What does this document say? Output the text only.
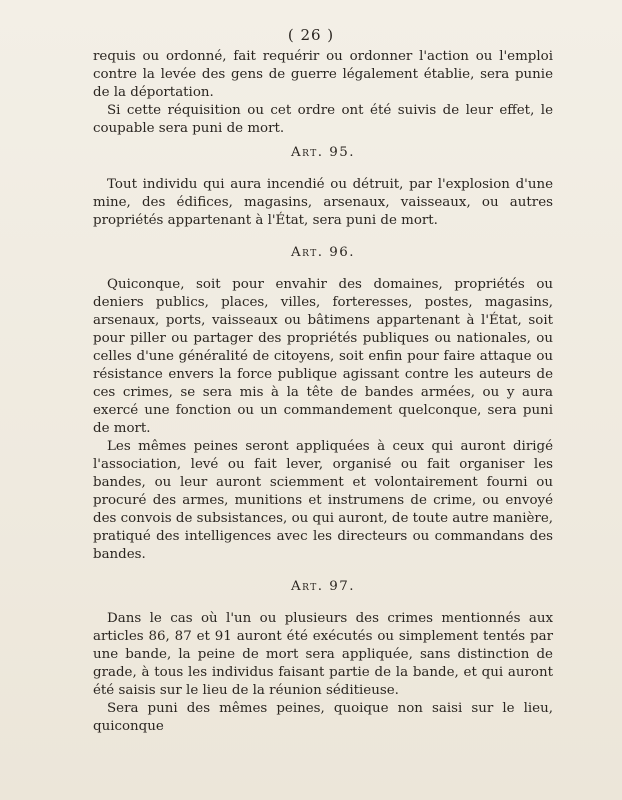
( 26 )

requis ou ordonné, fait requérir ou ordonner l'action ou l'emploi contre la levée des gens de guerre légalement établie, sera punie de la déportation.

Si cette réquisition ou cet ordre ont été suivis de leur effet, le coupable sera puni de mort.

Art. 95.

Tout individu qui aura incendié ou détruit, par l'explosion d'une mine, des édifices, magasins, arsenaux, vaisseaux, ou autres propriétés appartenant à l'État, sera puni de mort.

Art. 96.

Quiconque, soit pour envahir des domaines, propriétés ou deniers publics, places, villes, forteresses, postes, magasins, arsenaux, ports, vaisseaux ou bâtimens appartenant à l'État, soit pour piller ou partager des propriétés publiques ou nationales, ou celles d'une généralité de citoyens, soit enfin pour faire attaque ou résistance envers la force publique agissant contre les auteurs de ces crimes, se sera mis à la tête de bandes armées, ou y aura exercé une fonction ou un commandement quelconque, sera puni de mort.

Les mêmes peines seront appliquées à ceux qui auront dirigé l'association, levé ou fait lever, organisé ou fait organiser les bandes, ou leur auront sciemment et volontairement fourni ou procuré des armes, munitions et instrumens de crime, ou envoyé des convois de subsistances, ou qui auront, de toute autre manière, pratiqué des intelligences avec les directeurs ou commandans des bandes.

Art. 97.

Dans le cas où l'un ou plusieurs des crimes mentionnés aux articles 86, 87 et 91 auront été exécutés ou simplement tentés par une bande, la peine de mort sera appliquée, sans distinction de grade, à tous les individus faisant partie de la bande, et qui auront été saisis sur le lieu de la réunion séditieuse.

Sera puni des mêmes peines, quoique non saisi sur le lieu, quiconque
